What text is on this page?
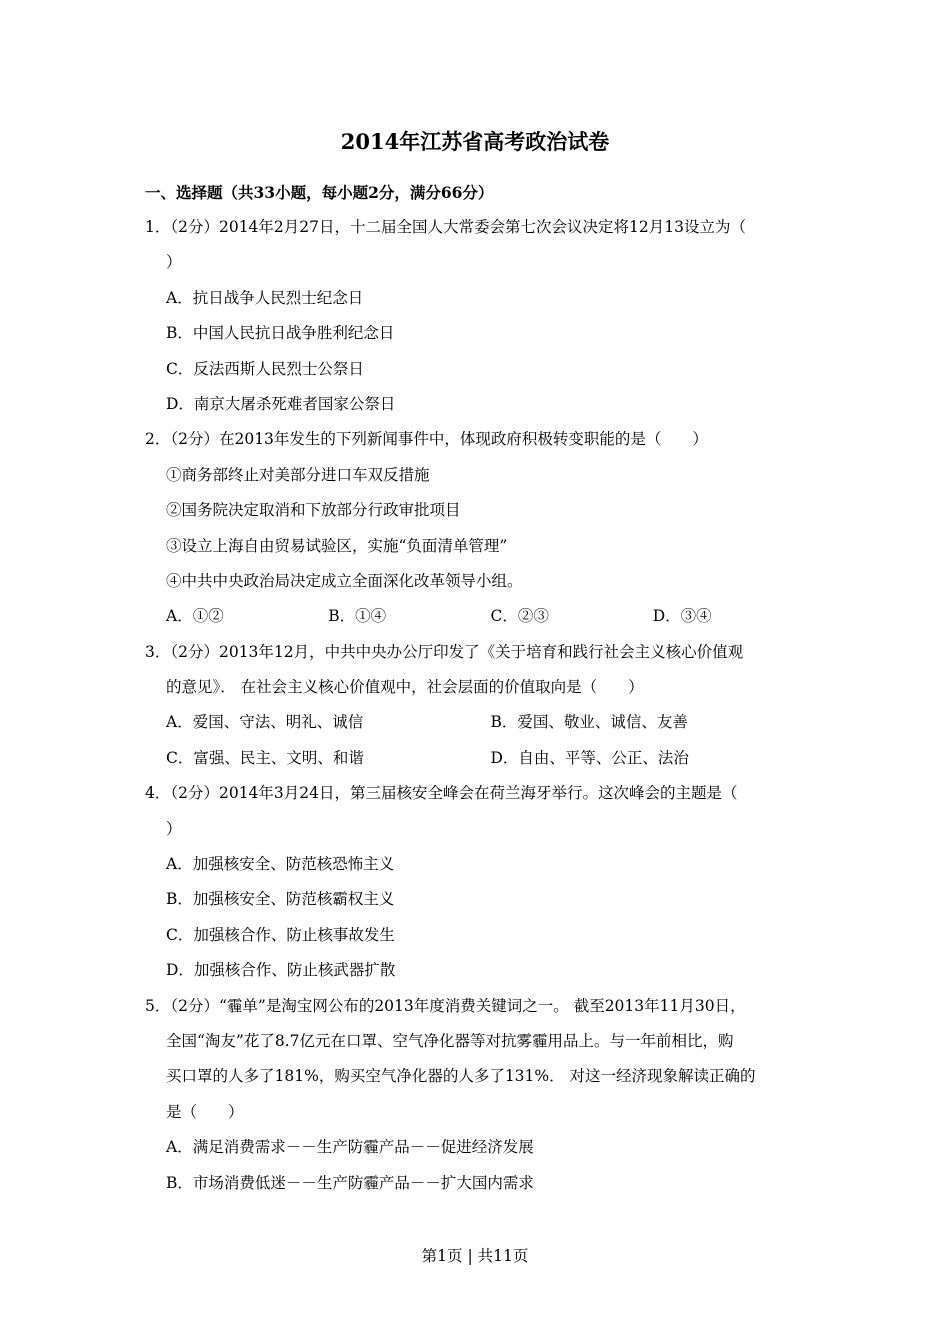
2014年江苏省高考政治试卷
一、选择题（共33小题，每小题2分，满分66分）
1．（2分）2014年2月27日，十二届全国人大常委会第七次会议决定将12月13设立为（
）
A．抗日战争人民烈士纪念日
B．中国人民抗日战争胜利纪念日
C．反法西斯人民烈士公祭日
D．南京大屠杀死难者国家公祭日
2．（2分）在2013年发生的下列新闻事件中，体现政府积极转变职能的是（　　）
①商务部终止对美部分进口车双反措施
②国务院决定取消和下放部分行政审批项目
③设立上海自由贸易试验区，实施“负面清单管理”
④中共中央政治局决定成立全面深化改革领导小组。
A．①②	B．①④	C．②③	D．③④
3．（2分）2013年12月，中共中央办公厅印发了《关于培育和践行社会主义核心价值观
的意见》． 在社会主义核心价值观中，社会层面的价值取向是（　　）
A．爱国、守法、明礼、诚信	B．爱国、敬业、诚信、友善
C．富强、民主、文明、和谐	D．自由、平等、公正、法治
4．（2分）2014年3月24日，第三届核安全峰会在荷兰海牙举行。这次峰会的主题是（
）
A．加强核安全、防范核恐怖主义
B．加强核安全、防范核霸权主义
C．加强核合作、防止核事故发生
D．加强核合作、防止核武器扩散
5．（2分）“霾单”是淘宝网公布的2013年度消费关键词之一。 截至2013年11月30日，
全国“淘友”花了8.7亿元在口罩、空气净化器等对抗雾霾用品上。与一年前相比，购
买口罩的人多了181%，购买空气净化器的人多了131%． 对这一经济现象解读正确的
是（　　）
A．满足消费需求－－生产防霾产品－－促进经济发展
B．市场消费低迷－－生产防霾产品－－扩大国内需求
第1页 | 共11页
